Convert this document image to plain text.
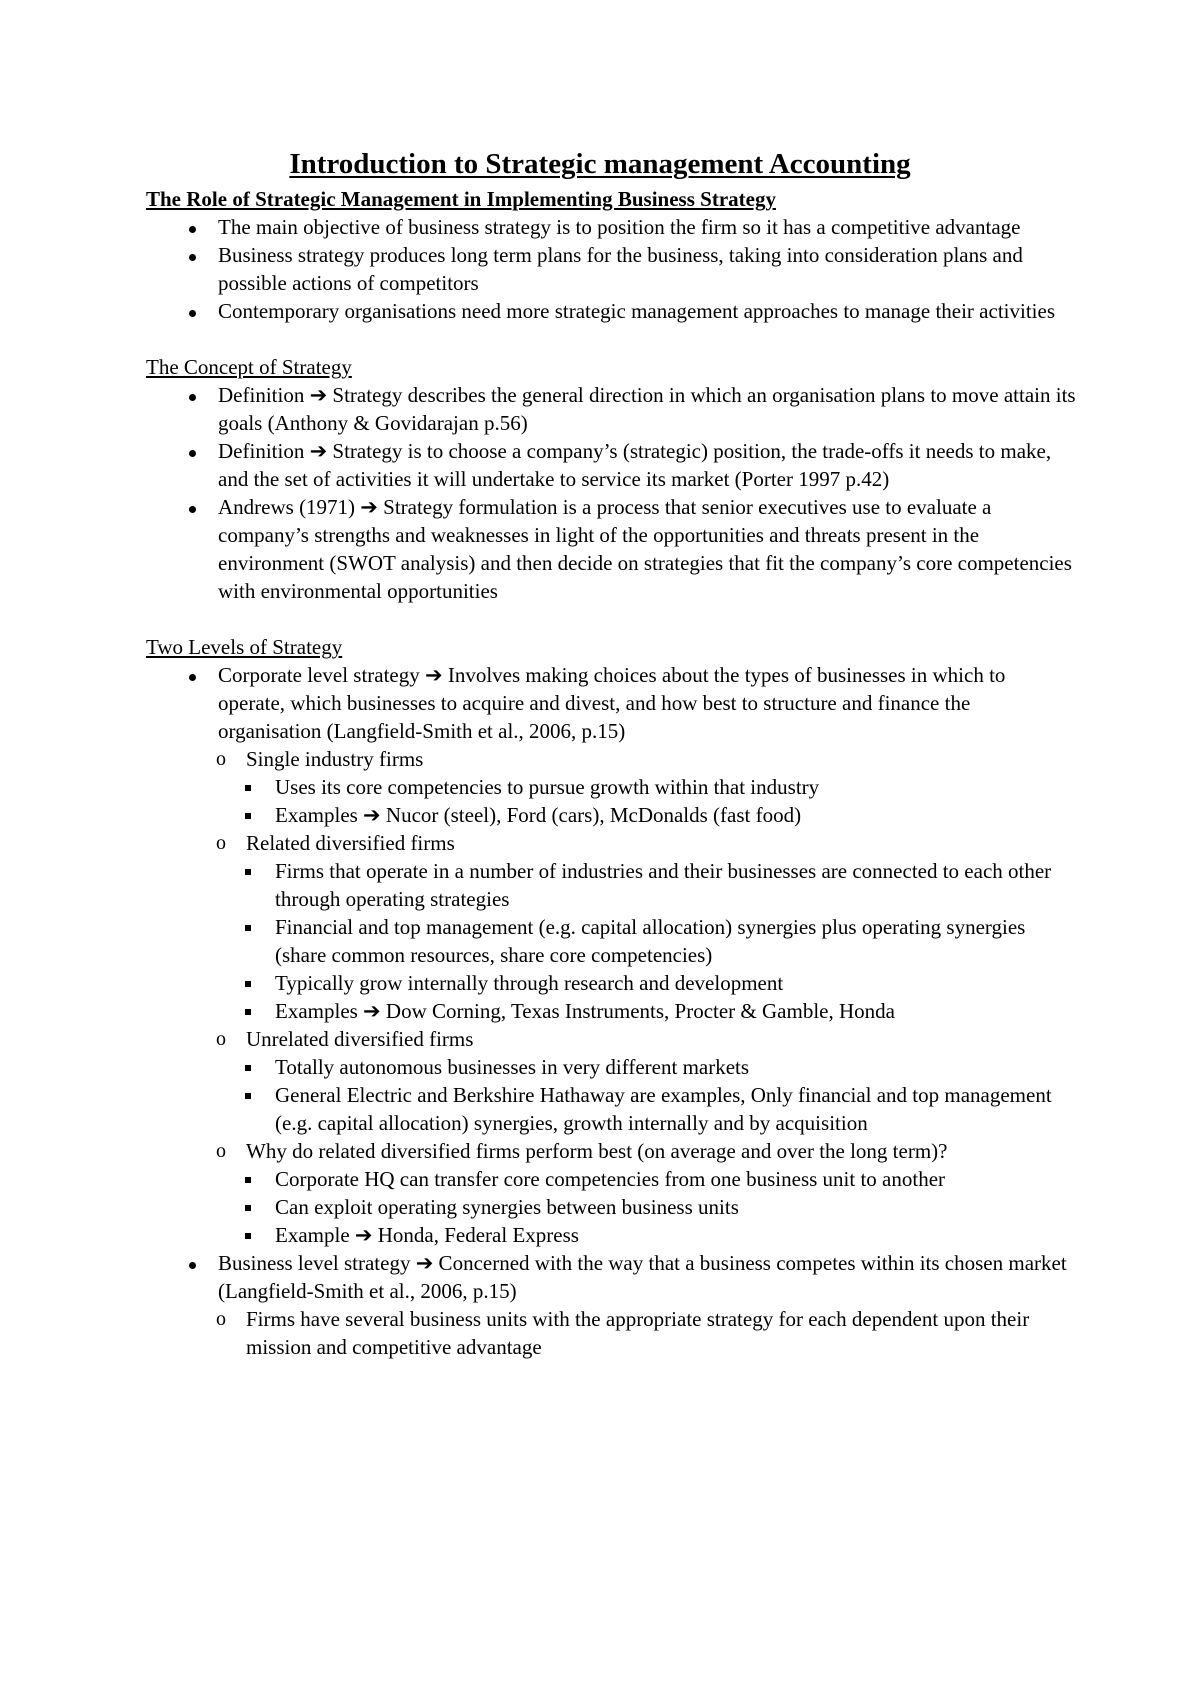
Introduction to Strategic management Accounting
The Role of Strategic Management in Implementing Business Strategy
The main objective of business strategy is to position the firm so it has a competitive advantage
Business strategy produces long term plans for the business, taking into consideration plans and possible actions of competitors
Contemporary organisations need more strategic management approaches to manage their activities
The Concept of Strategy
Definition ➔ Strategy describes the general direction in which an organisation plans to move attain its goals (Anthony & Govidarajan p.56)
Definition ➔ Strategy is to choose a company’s (strategic) position, the trade-offs it needs to make, and the set of activities it will undertake to service its market (Porter 1997 p.42)
Andrews (1971) ➔ Strategy formulation is a process that senior executives use to evaluate a company’s strengths and weaknesses in light of the opportunities and threats present in the environment (SWOT analysis) and then decide on strategies that fit the company’s core competencies with environmental opportunities
Two Levels of Strategy
Corporate level strategy ➔ Involves making choices about the types of businesses in which to operate, which businesses to acquire and divest, and how best to structure and finance the organisation (Langfield-Smith et al., 2006, p.15)
o Single industry firms
Uses its core competencies to pursue growth within that industry
Examples ➔ Nucor (steel), Ford (cars), McDonalds (fast food)
o Related diversified firms
Firms that operate in a number of industries and their businesses are connected to each other through operating strategies
Financial and top management (e.g. capital allocation) synergies plus operating synergies (share common resources, share core competencies)
Typically grow internally through research and development
Examples ➔ Dow Corning, Texas Instruments, Procter & Gamble, Honda
o Unrelated diversified firms
Totally autonomous businesses in very different markets
General Electric and Berkshire Hathaway are examples, Only financial and top management (e.g. capital allocation) synergies, growth internally and by acquisition
o Why do related diversified firms perform best (on average and over the long term)?
Corporate HQ can transfer core competencies from one business unit to another
Can exploit operating synergies between business units
Example ➔ Honda, Federal Express
Business level strategy ➔ Concerned with the way that a business competes within its chosen market (Langfield-Smith et al., 2006, p.15)
o Firms have several business units with the appropriate strategy for each dependent upon their mission and competitive advantage
